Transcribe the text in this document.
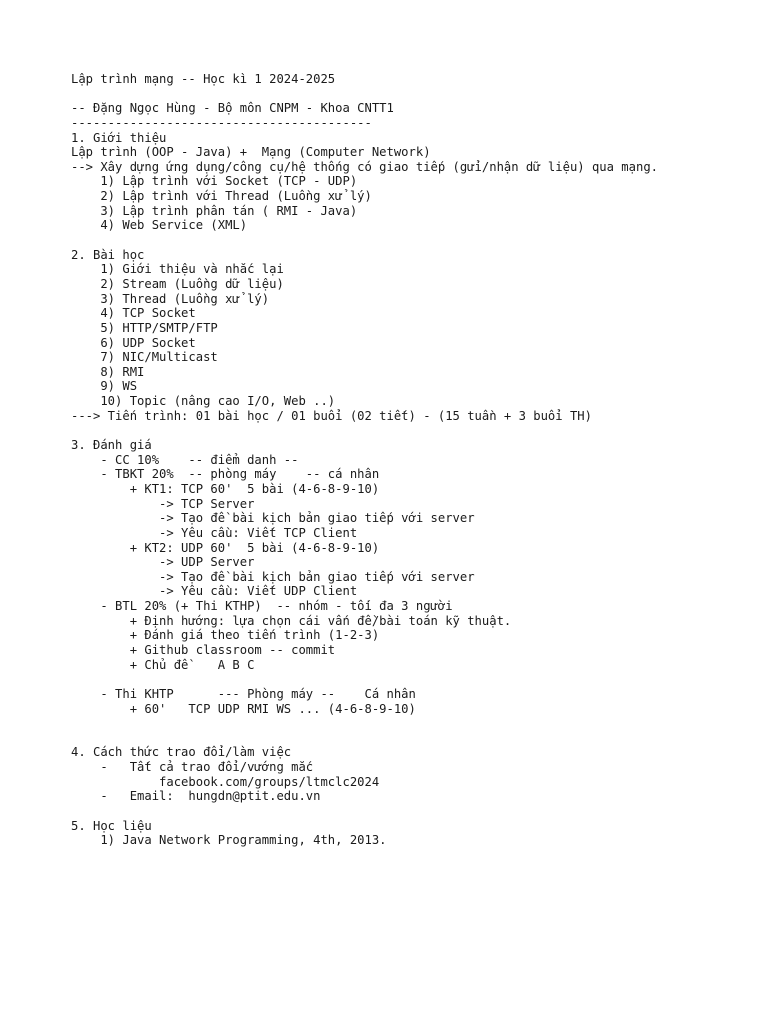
Lập trình mạng -- Học kì 1 2024-2025
-- Đặng Ngọc Hùng - Bộ môn CNPM - Khoa CNTT1
-----------------------------------------
1. Giới thiệu
Lập trình (OOP - Java) +  Mạng (Computer Network)
--> Xây dựng ứng dụng/công cụ/hệ thống có giao tiếp (gửi/nhận dữ liệu) qua mạng.
1) Lập trình với Socket (TCP - UDP)
2) Lập trình với Thread (Luồng xử lý)
3) Lập trình phân tán ( RMI - Java)
4) Web Service (XML)
2. Bài học
1) Giới thiệu và nhắc lại
2) Stream (Luồng dữ liệu)
3) Thread (Luồng xử lý)
4) TCP Socket
5) HTTP/SMTP/FTP
6) UDP Socket
7) NIC/Multicast
8) RMI
9) WS
10) Topic (nâng cao I/O, Web ..)
---> Tiến trình: 01 bài học / 01 buổi (02 tiết) - (15 tuần + 3 buổi TH)
3. Đánh giá
- CC 10%    -- điểm danh --
- TBKT 20%  -- phòng máy    -- cá nhân
+ KT1: TCP 60'  5 bài (4-6-8-9-10)
-> TCP Server
-> Tạo đề bài kịch bản giao tiếp với server
-> Yêu cầu: Viết TCP Client
+ KT2: UDP 60'  5 bài (4-6-8-9-10)
-> UDP Server
-> Tạo đề bài kịch bản giao tiếp với server
-> Yêu cầu: Viết UDP Client
- BTL 20% (+ Thi KTHP)  -- nhóm - tối đa 3 người
+ Định hướng: lựa chọn cái vấn đề/bài toán kỹ thuật.
+ Đánh giá theo tiến trình (1-2-3)
+ Github classroom -- commit
+ Chủ đề    A B C
- Thi KHTP      --- Phòng máy --    Cá nhân
+ 60'   TCP UDP RMI WS ... (4-6-8-9-10)
4. Cách thức trao đổi/làm việc
-   Tất cả trao đổi/vướng mắc
facebook.com/groups/ltmclc2024
-   Email:  hungdn@ptit.edu.vn
5. Học liệu
1) Java Network Programming, 4th, 2013.
